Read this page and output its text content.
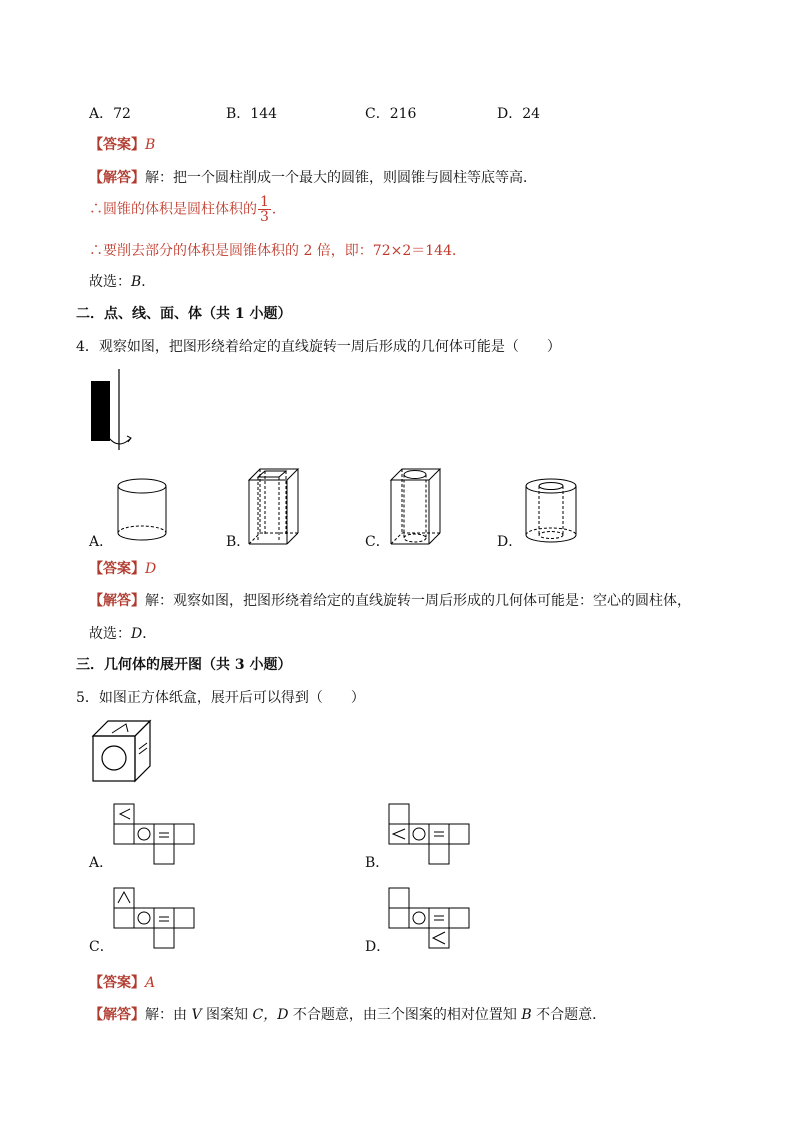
A．72	B．144	C．216	D．24
【答案】B
【解答】解：把一个圆柱削成一个最大的圆锥，则圆锥与圆柱等底等高．
∴圆锥的体积是圆柱体积的 $\frac{1}{3}$ ．
∴要削去部分的体积是圆锥体积的 2 倍，即：72×2＝144．
故选：B．
二．点、线、面、体（共 1 小题）
4．观察如图，把图形绕着给定的直线旋转一周后形成的几何体可能是（　　）
A．	B．	C．	D．
【答案】D
【解答】解：观察如图，把图形绕着给定的直线旋转一周后形成的几何体可能是：空心的圆柱体，
故选：D．
三．几何体的展开图（共 3 小题）
5．如图正方体纸盒，展开后可以得到（　　）
A．	B．
C．	D．
【答案】A
【解答】解：由 V 图案知 C，D 不合题意，由三个图案的相对位置知 B 不合题意．
